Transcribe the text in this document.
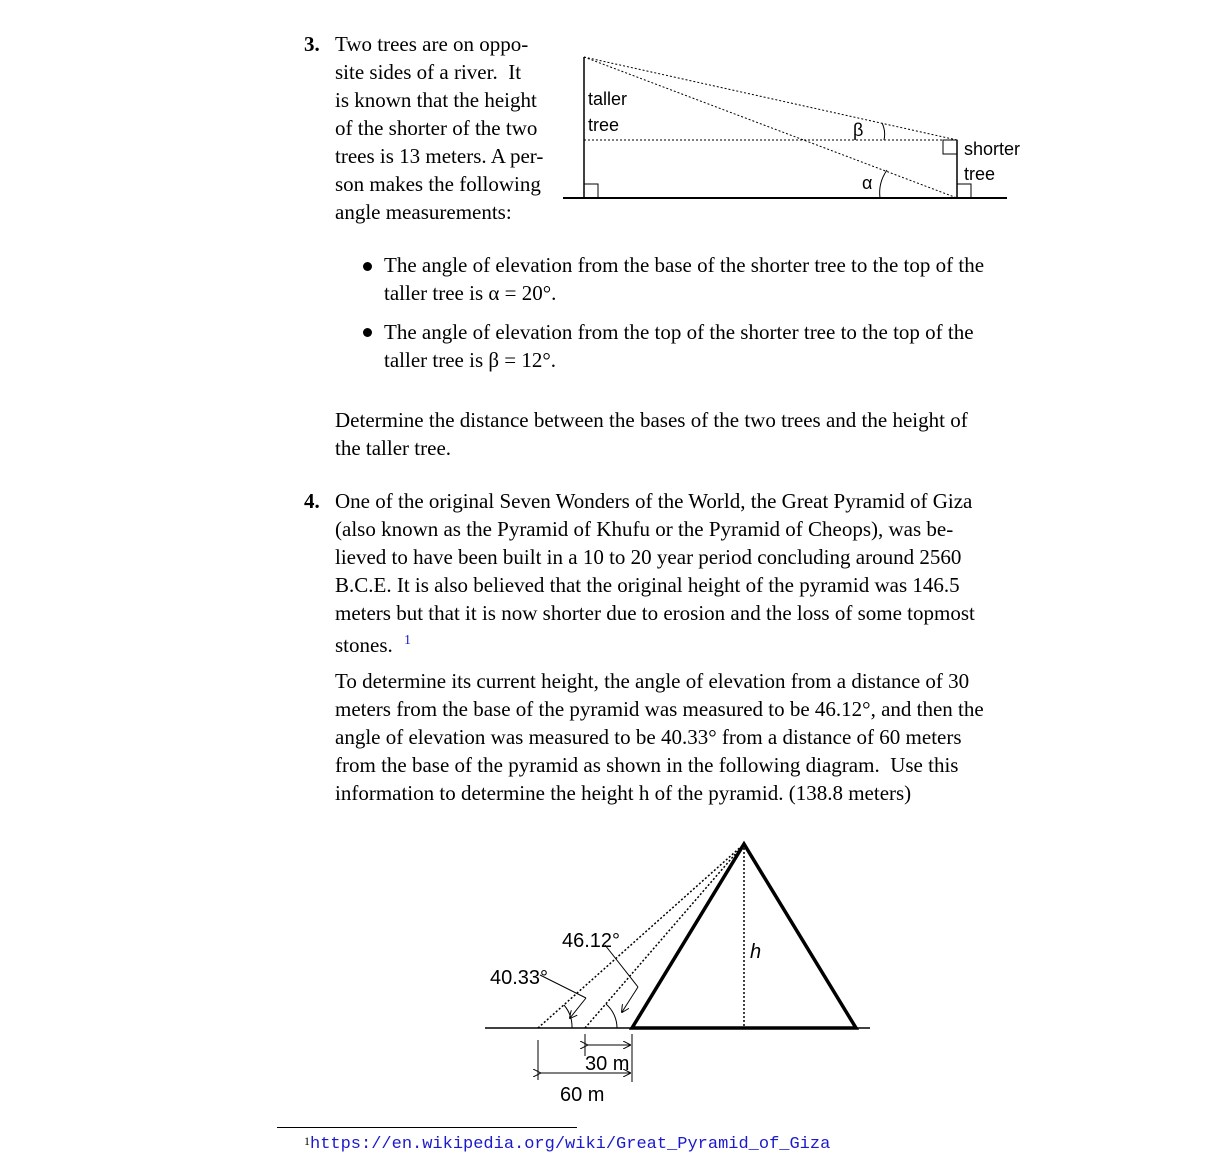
3. Two trees are on oppo-
site sides of a river.  It
is known that the height
of the shorter of the two
trees is 13 meters. A per-
son makes the following
angle measurements:
taller
tree
shorter
tree
β
α
The angle of elevation from the base of the shorter tree to the top of the
taller tree is α = 20°.
The angle of elevation from the top of the shorter tree to the top of the
taller tree is β = 12°.
Determine the distance between the bases of the two trees and the height of
the taller tree.
4. One of the original Seven Wonders of the World, the Great Pyramid of Giza
(also known as the Pyramid of Khufu or the Pyramid of Cheops), was be-
lieved to have been built in a 10 to 20 year period concluding around 2560
B.C.E. It is also believed that the original height of the pyramid was 146.5
meters but that it is now shorter due to erosion and the loss of some topmost
stones. $^1$
To determine its current height, the angle of elevation from a distance of 30
meters from the base of the pyramid was measured to be 46.12°, and then the
angle of elevation was measured to be 40.33° from a distance of 60 meters
from the base of the pyramid as shown in the following diagram.  Use this
information to determine the height h of the pyramid. (138.8 meters)
46.12°
40.33°
h
30 m
60 m
$^1$https://en.wikipedia.org/wiki/Great_Pyramid_of_Giza
